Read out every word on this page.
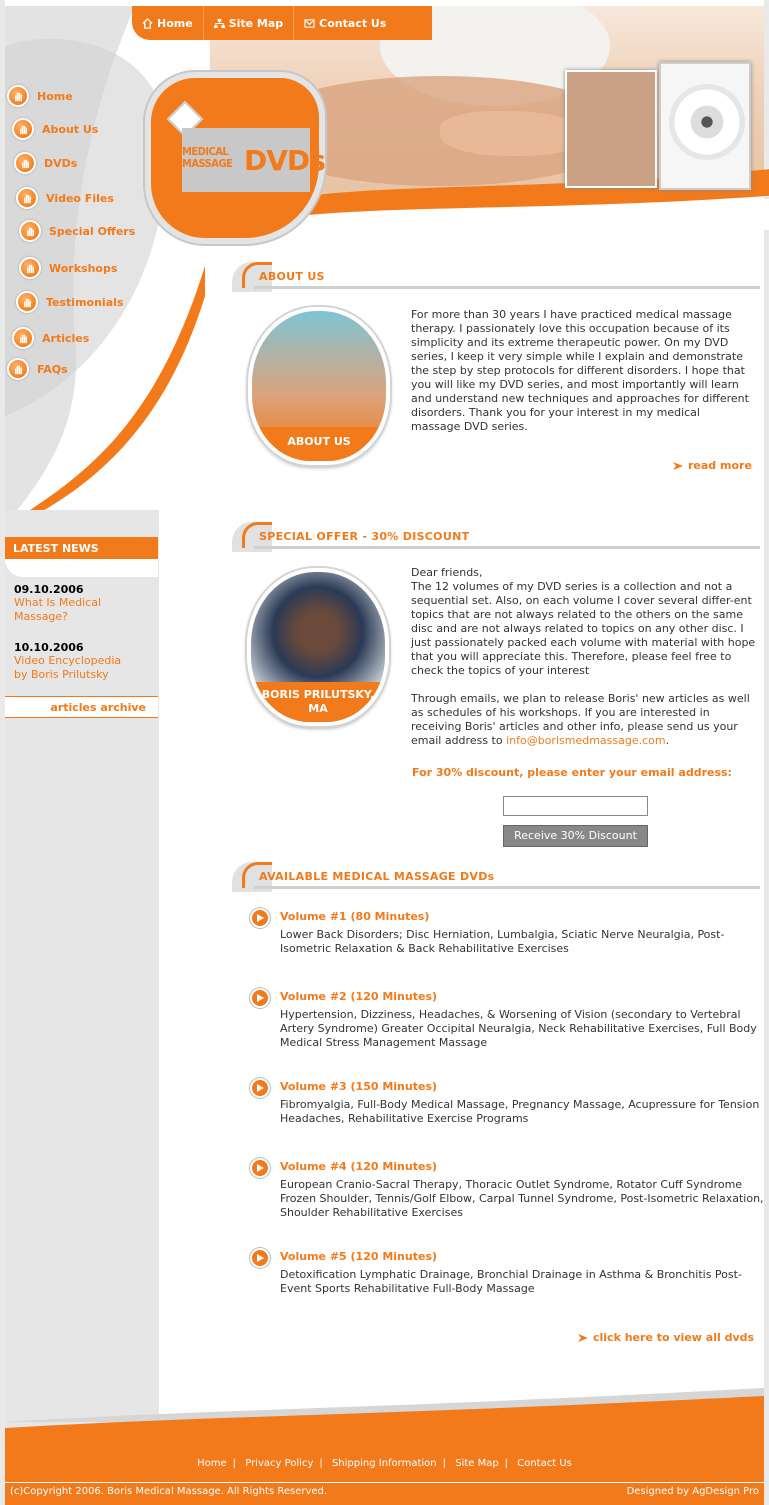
Home	Site Map	Contact Us
MEDICAL
MASSAGE DVDs
Home
About Us
DVDs
Video Files
Special Offers
Workshops
Testimonials
Articles
FAQs
LATEST NEWS
09.10.2006
What Is Medical
Massage?
10.10.2006
Video Encyclopedia
by Boris Prilutsky
articles archive
ABOUT US
ABOUT US

For more than 30 years I have practiced medical massage therapy. I passionately love this occupation because of its simplicity and its extreme therapeutic power. On my DVD series, I keep it very simple while I explain and demonstrate the step by step protocols for different disorders. I hope that you will like my DVD series, and most importantly will learn and understand new techniques and approaches for different disorders. Thank you for your interest in my medical massage DVD series.

read more
SPECIAL OFFER - 30% DISCOUNT
BORIS PRILUTSKY,
MA

Dear friends,

The 12 volumes of my DVD series is a collection and not a sequential set. Also, on each volume I cover several differ-ent topics that are not always related to the others on the same disc and are not always related to topics on any other disc. I just passionately packed each volume with material with hope that you will appreciate this. Therefore, please feel free to check the topics of your interest

Through emails, we plan to release Boris' new articles as well as schedules of his workshops. If you are interested in receiving Boris' articles and other info, please send us your email address to info@borismedmassage.com.

For 30% discount, please enter your email address:
Receive 30% Discount
AVAILABLE MEDICAL MASSAGE DVDs
Volume #1 (80 Minutes)
Lower Back Disorders; Disc Herniation, Lumbalgia, Sciatic Nerve Neuralgia, Post-Isometric Relaxation & Back Rehabilitative Exercises
Volume #2 (120 Minutes)
Hypertension, Dizziness, Headaches, & Worsening of Vision (secondary to Vertebral Artery Syndrome) Greater Occipital Neuralgia, Neck Rehabilitative Exercises, Full Body Medical Stress Management Massage
Volume #3 (150 Minutes)
Fibromyalgia, Full-Body Medical Massage, Pregnancy Massage, Acupressure for Tension Headaches, Rehabilitative Exercise Programs
Volume #4 (120 Minutes)
European Cranio-Sacral Therapy, Thoracic Outlet Syndrome, Rotator Cuff Syndrome Frozen Shoulder, Tennis/Golf Elbow, Carpal Tunnel Syndrome, Post-Isometric Relaxation, Shoulder Rehabilitative Exercises
Volume #5 (120 Minutes)
Detoxification Lymphatic Drainage, Bronchial Drainage in Asthma & Bronchitis Post-Event Sports Rehabilitative Full-Body Massage
click here to view all dvds
Home | Privacy Policy | Shipping Information | Site Map | Contact Us
(c)Copyright 2006. Boris Medical Massage. All Rights Reserved.	Designed by AgDesign Pro
